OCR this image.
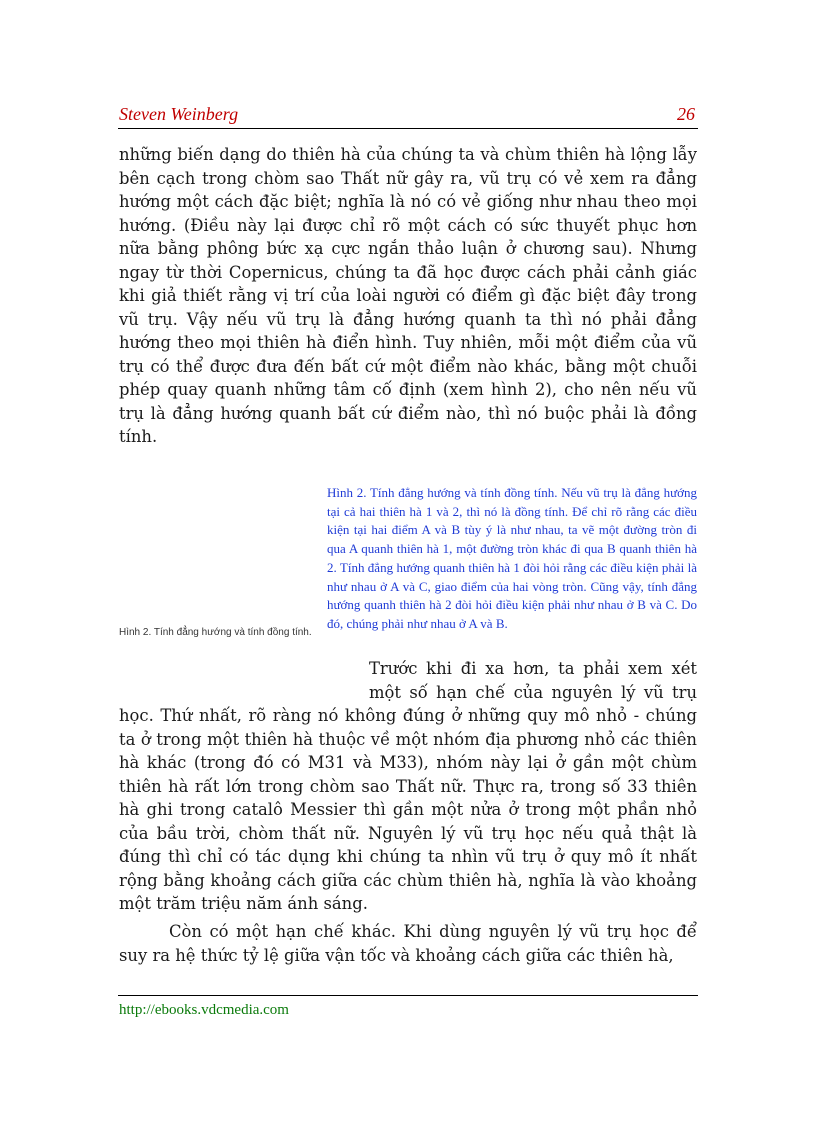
Steven Weinberg	26

những biến dạng do thiên hà của chúng ta và chùm thiên hà lộng lẫy bên cạch trong chòm sao Thất nữ gây ra, vũ trụ có vẻ xem ra đẳng hướng một cách đặc biệt; nghĩa là nó có vẻ giống như nhau theo mọi hướng. (Điều này lại được chỉ rõ một cách có sức thuyết phục hơn nữa bằng phông bức xạ cực ngắn thảo luận ở chương sau). Nhưng ngay từ thời Copernicus, chúng ta đã học được cách phải cảnh giác khi giả thiết rằng vị trí của loài người có điểm gì đặc biệt đây trong vũ trụ. Vậy nếu vũ trụ là đẳng hướng quanh ta thì nó phải đẳng hướng theo mọi thiên hà điển hình. Tuy nhiên, mỗi một điểm của vũ trụ có thể được đưa đến bất cứ một điểm nào khác, bằng một chuỗi phép quay quanh những tâm cố định (xem hình 2), cho nên nếu vũ trụ là đẳng hướng quanh bất cứ điểm nào, thì nó buộc phải là đồng tính.

Hình 2. Tính đẳng hướng và tính đồng tính. Nếu vũ trụ là đẳng hướng tại cả hai thiên hà 1 và 2, thì nó là đồng tính. Để chỉ rõ rằng các điều kiện tại hai điểm A và B tùy ý là như nhau, ta vẽ một đường tròn đi qua A quanh thiên hà 1, một đường tròn khác đi qua B quanh thiên hà 2. Tính đẳng hướng quanh thiên hà 1 đòi hỏi rằng các điều kiện phải là như nhau ở A và C, giao điểm của hai vòng tròn. Cũng vậy, tính đẳng hướng quanh thiên hà 2 đòi hỏi điều kiện phải như nhau ở B và C. Do đó, chúng phải như nhau ở A và B.

Hình 2. Tính đẳng hướng và tính đồng tính.

Trước khi đi xa hơn, ta phải xem xét một số hạn chế của nguyên lý vũ trụ học. Thứ nhất, rõ ràng nó không đúng ở những quy mô nhỏ - chúng ta ở trong một thiên hà thuộc về một nhóm địa phương nhỏ các thiên hà khác (trong đó có M31 và M33), nhóm này lại ở gần một chùm thiên hà rất lớn trong chòm sao Thất nữ. Thực ra, trong số 33 thiên hà ghi trong catalô Messier thì gần một nửa ở trong một phần nhỏ của bầu trời, chòm thất nữ. Nguyên lý vũ trụ học nếu quả thật là đúng thì chỉ có tác dụng khi chúng ta nhìn vũ trụ ở quy mô ít nhất rộng bằng khoảng cách giữa các chùm thiên hà, nghĩa là vào khoảng một trăm triệu năm ánh sáng.

Còn có một hạn chế khác. Khi dùng nguyên lý vũ trụ học để suy ra hệ thức tỷ lệ giữa vận tốc và khoảng cách giữa các thiên hà,

http://ebooks.vdcmedia.com
